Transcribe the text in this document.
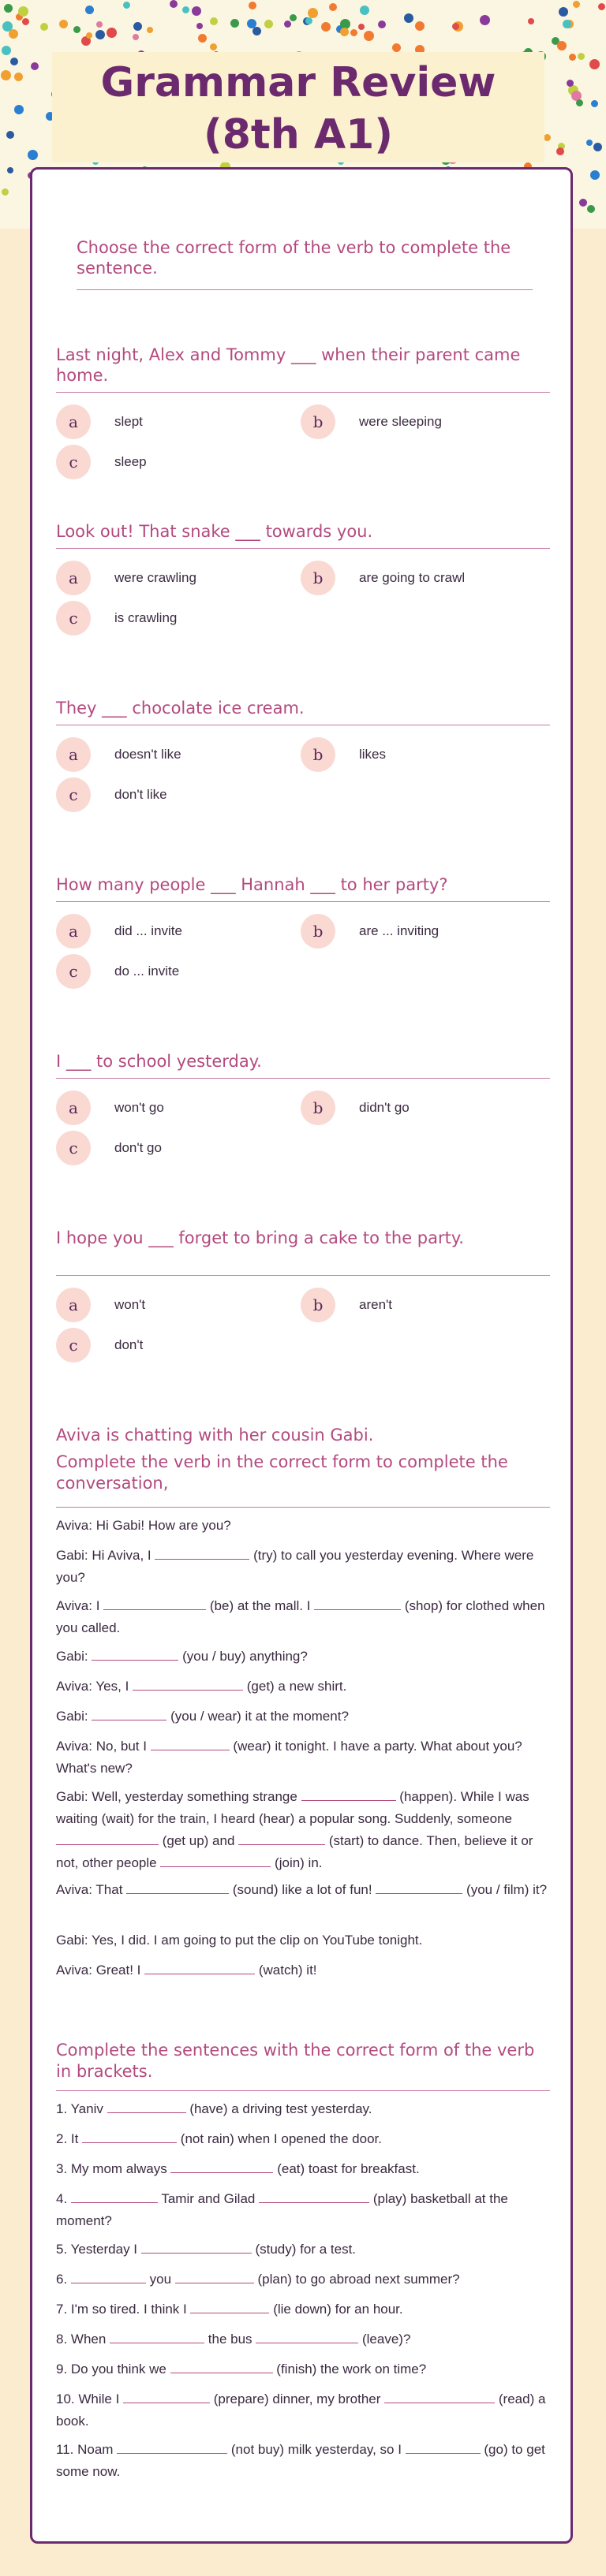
Grammar Review (8th A1)
Choose the correct form of the verb to complete the sentence.
Last night, Alex and Tommy ___ when their parent came home.
a	slept	b	were sleeping
c	sleep
Look out! That snake ___ towards you.
a	were crawling	b	are going to crawl
c	is crawling
They ___ chocolate ice cream.
a	doesn't like	b	likes
c	don't like
How many people ___ Hannah ___ to her party?
a	did ... invite	b	are ... inviting
c	do ... invite
I ___ to school yesterday.
a	won't go	b	didn't go
c	don't go
I hope you ___ forget to bring a cake to the party.
a	won't	b	aren't
c	don't
Aviva is chatting with her cousin Gabi.
Complete the verb in the correct form to complete the conversation,
Aviva: Hi Gabi! How are you?
Gabi: Hi Aviva, I	(try) to call you yesterday evening. Where were you?
Aviva: I	(be) at the mall. I	(shop) for clothed when you called.
Gabi:	(you / buy) anything?
Aviva: Yes, I	(get) a new shirt.
Gabi:	(you / wear) it at the moment?
Aviva: No, but I	(wear) it tonight. I have a party. What about you? What's new?
Gabi: Well, yesterday something strange	(happen). While I was waiting (wait) for the train, I heard (hear) a popular song. Suddenly, someone  (get up) and	(start) to dance. Then, believe it or not, other people	(join) in.
Aviva: That	(sound) like a lot of fun!	(you / film) it?
Gabi: Yes, I did. I am going to put the clip on YouTube tonight.
Aviva: Great! I	(watch) it!
Complete the sentences with the correct form of the verb in brackets.
1. Yaniv	(have) a driving test yesterday.
2. It	(not rain) when I opened the door.
3. My mom always	(eat) toast for breakfast.
4.	Tamir and Gilad	(play) basketball at the moment?
5. Yesterday I	(study) for a test.
6.	you	(plan) to go abroad next summer?
7. I'm so tired. I think I	(lie down) for an hour.
8. When	the bus	(leave)?
9. Do you think we	(finish) the work on time?
10. While I	(prepare) dinner, my brother	(read) a book.
11. Noam	(not buy) milk yesterday, so I	(go) to get some now.
